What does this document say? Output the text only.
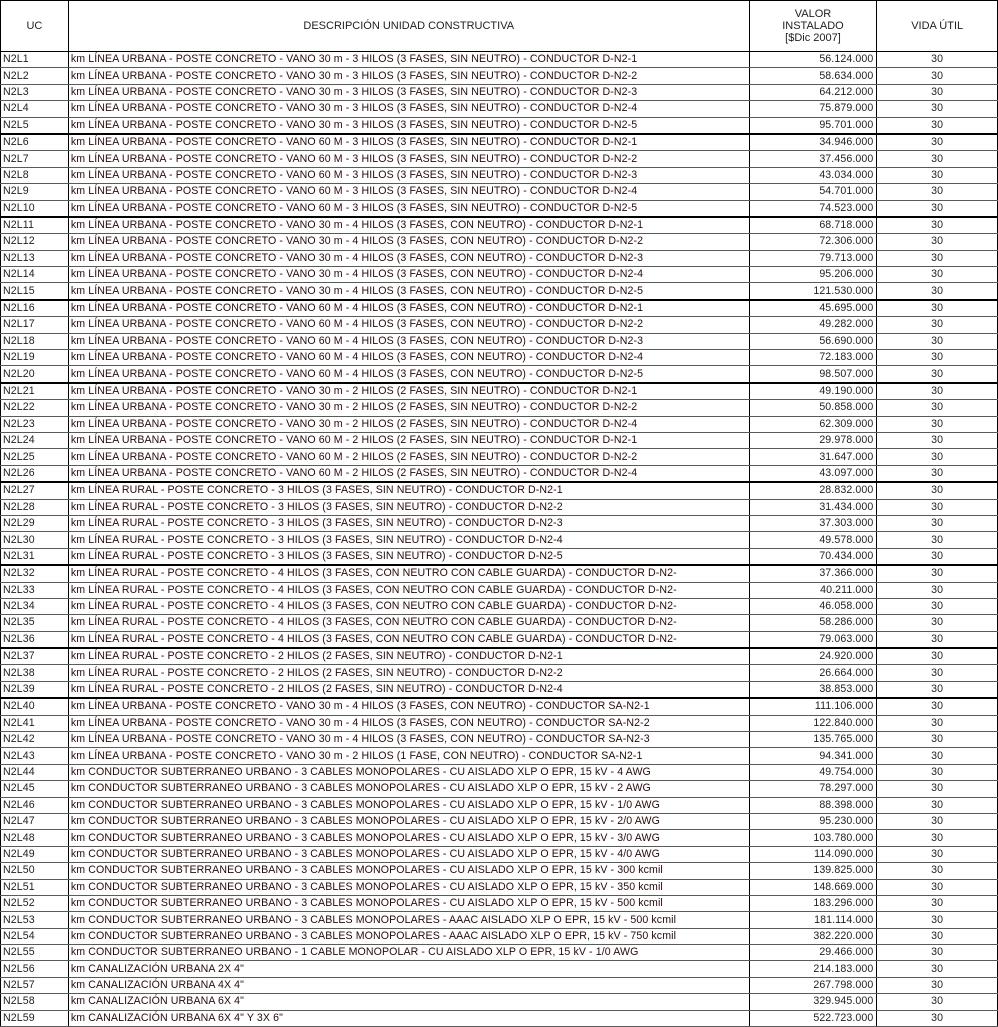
UC	DESCRIPCIÓN UNIDAD CONSTRUCTIVA	VALOR
INSTALADO
[$Dic 2007]	VIDA ÚTIL
N2L1	km LÍNEA URBANA - POSTE CONCRETO - VANO 30 m - 3 HILOS (3 FASES, SIN NEUTRO) - CONDUCTOR D-N2-1	56.124.000	30
N2L2	km LÍNEA URBANA - POSTE CONCRETO - VANO 30 m - 3 HILOS (3 FASES, SIN NEUTRO) - CONDUCTOR D-N2-2	58.634.000	30
N2L3	km LÍNEA URBANA - POSTE CONCRETO - VANO 30 m - 3 HILOS (3 FASES, SIN NEUTRO) - CONDUCTOR D-N2-3	64.212.000	30
N2L4	km LÍNEA URBANA - POSTE CONCRETO - VANO 30 m - 3 HILOS (3 FASES, SIN NEUTRO) - CONDUCTOR D-N2-4	75.879.000	30
N2L5	km LÍNEA URBANA - POSTE CONCRETO - VANO 30 m - 3 HILOS (3 FASES, SIN NEUTRO) - CONDUCTOR D-N2-5	95.701.000	30
N2L6	km LÍNEA URBANA - POSTE CONCRETO - VANO 60 M - 3 HILOS (3 FASES, SIN NEUTRO) - CONDUCTOR D-N2-1	34.946.000	30
N2L7	km LÍNEA URBANA - POSTE CONCRETO - VANO 60 M - 3 HILOS (3 FASES, SIN NEUTRO) - CONDUCTOR D-N2-2	37.456.000	30
N2L8	km LÍNEA URBANA - POSTE CONCRETO - VANO 60 M - 3 HILOS (3 FASES, SIN NEUTRO) - CONDUCTOR D-N2-3	43.034.000	30
N2L9	km LÍNEA URBANA - POSTE CONCRETO - VANO 60 M - 3 HILOS (3 FASES, SIN NEUTRO) - CONDUCTOR D-N2-4	54.701.000	30
N2L10	km LÍNEA URBANA - POSTE CONCRETO - VANO 60 M - 3 HILOS (3 FASES, SIN NEUTRO) - CONDUCTOR D-N2-5	74.523.000	30
N2L11	km LÍNEA URBANA - POSTE CONCRETO - VANO 30 m - 4 HILOS (3 FASES, CON NEUTRO) - CONDUCTOR D-N2-1	68.718.000	30
N2L12	km LÍNEA URBANA - POSTE CONCRETO - VANO 30 m - 4 HILOS (3 FASES, CON NEUTRO) - CONDUCTOR D-N2-2	72.306.000	30
N2L13	km LÍNEA URBANA - POSTE CONCRETO - VANO 30 m - 4 HILOS (3 FASES, CON NEUTRO) - CONDUCTOR D-N2-3	79.713.000	30
N2L14	km LÍNEA URBANA - POSTE CONCRETO - VANO 30 m - 4 HILOS (3 FASES, CON NEUTRO) - CONDUCTOR D-N2-4	95.206.000	30
N2L15	km LÍNEA URBANA - POSTE CONCRETO - VANO 30 m - 4 HILOS (3 FASES, CON NEUTRO) - CONDUCTOR D-N2-5	121.530.000	30
N2L16	km LÍNEA URBANA - POSTE CONCRETO - VANO 60 M - 4 HILOS (3 FASES, CON NEUTRO) - CONDUCTOR D-N2-1	45.695.000	30
N2L17	km LÍNEA URBANA - POSTE CONCRETO - VANO 60 M - 4 HILOS (3 FASES, CON NEUTRO) - CONDUCTOR D-N2-2	49.282.000	30
N2L18	km LÍNEA URBANA - POSTE CONCRETO - VANO 60 M - 4 HILOS (3 FASES, CON NEUTRO) - CONDUCTOR D-N2-3	56.690.000	30
N2L19	km LÍNEA URBANA - POSTE CONCRETO - VANO 60 M - 4 HILOS (3 FASES, CON NEUTRO) - CONDUCTOR D-N2-4	72.183.000	30
N2L20	km LÍNEA URBANA - POSTE CONCRETO - VANO 60 M - 4 HILOS (3 FASES, CON NEUTRO) - CONDUCTOR D-N2-5	98.507.000	30
N2L21	km LÍNEA URBANA - POSTE CONCRETO - VANO 30 m - 2 HILOS (2 FASES, SIN NEUTRO) - CONDUCTOR D-N2-1	49.190.000	30
N2L22	km LÍNEA URBANA - POSTE CONCRETO - VANO 30 m - 2 HILOS (2 FASES, SIN NEUTRO) - CONDUCTOR D-N2-2	50.858.000	30
N2L23	km LÍNEA URBANA - POSTE CONCRETO - VANO 30 m - 2 HILOS (2 FASES, SIN NEUTRO) - CONDUCTOR D-N2-4	62.309.000	30
N2L24	km LÍNEA URBANA - POSTE CONCRETO - VANO 60 M - 2 HILOS (2 FASES, SIN NEUTRO) - CONDUCTOR D-N2-1	29.978.000	30
N2L25	km LÍNEA URBANA - POSTE CONCRETO - VANO 60 M - 2 HILOS (2 FASES, SIN NEUTRO) - CONDUCTOR D-N2-2	31.647.000	30
N2L26	km LÍNEA URBANA - POSTE CONCRETO - VANO 60 M - 2 HILOS (2 FASES, SIN NEUTRO) - CONDUCTOR D-N2-4	43.097.000	30
N2L27	km LÍNEA RURAL - POSTE CONCRETO - 3 HILOS (3 FASES, SIN NEUTRO) - CONDUCTOR D-N2-1	28.832.000	30
N2L28	km LÍNEA RURAL - POSTE CONCRETO - 3 HILOS (3 FASES, SIN NEUTRO) - CONDUCTOR D-N2-2	31.434.000	30
N2L29	km LÍNEA RURAL - POSTE CONCRETO - 3 HILOS (3 FASES, SIN NEUTRO) - CONDUCTOR D-N2-3	37.303.000	30
N2L30	km LÍNEA RURAL - POSTE CONCRETO - 3 HILOS (3 FASES, SIN NEUTRO) - CONDUCTOR D-N2-4	49.578.000	30
N2L31	km LÍNEA RURAL - POSTE CONCRETO - 3 HILOS (3 FASES, SIN NEUTRO) - CONDUCTOR D-N2-5	70.434.000	30
N2L32	km LÍNEA RURAL - POSTE CONCRETO - 4 HILOS (3 FASES, CON NEUTRO CON CABLE GUARDA) - CONDUCTOR D-N2-	37.366.000	30
N2L33	km LÍNEA RURAL - POSTE CONCRETO - 4 HILOS (3 FASES, CON NEUTRO CON CABLE GUARDA) - CONDUCTOR D-N2-	40.211.000	30
N2L34	km LÍNEA RURAL - POSTE CONCRETO - 4 HILOS (3 FASES, CON NEUTRO CON CABLE GUARDA) - CONDUCTOR D-N2-	46.058.000	30
N2L35	km LÍNEA RURAL - POSTE CONCRETO - 4 HILOS (3 FASES, CON NEUTRO CON CABLE GUARDA) - CONDUCTOR D-N2-	58.286.000	30
N2L36	km LÍNEA RURAL - POSTE CONCRETO - 4 HILOS (3 FASES, CON NEUTRO CON CABLE GUARDA) - CONDUCTOR D-N2-	79.063.000	30
N2L37	km LÍNEA RURAL - POSTE CONCRETO - 2 HILOS (2 FASES, SIN NEUTRO) - CONDUCTOR D-N2-1	24.920.000	30
N2L38	km LÍNEA RURAL - POSTE CONCRETO - 2 HILOS (2 FASES, SIN NEUTRO) - CONDUCTOR D-N2-2	26.664.000	30
N2L39	km LÍNEA RURAL - POSTE CONCRETO - 2 HILOS (2 FASES, SIN NEUTRO) - CONDUCTOR D-N2-4	38.853.000	30
N2L40	km LÍNEA URBANA - POSTE CONCRETO - VANO 30 m - 4 HILOS (3 FASES, CON NEUTRO) - CONDUCTOR SA-N2-1	111.106.000	30
N2L41	km LÍNEA URBANA - POSTE CONCRETO - VANO 30 m - 4 HILOS (3 FASES, CON NEUTRO) - CONDUCTOR SA-N2-2	122.840.000	30
N2L42	km LÍNEA URBANA - POSTE CONCRETO - VANO 30 m - 4 HILOS (3 FASES, CON NEUTRO) - CONDUCTOR SA-N2-3	135.765.000	30
N2L43	km LÍNEA URBANA - POSTE CONCRETO - VANO 30 m - 2 HILOS (1 FASE, CON NEUTRO) - CONDUCTOR SA-N2-1	94.341.000	30
N2L44	km CONDUCTOR SUBTERRANEO URBANO - 3 CABLES MONOPOLARES - CU AISLADO XLP O EPR, 15 kV - 4 AWG	49.754.000	30
N2L45	km CONDUCTOR SUBTERRANEO URBANO - 3 CABLES MONOPOLARES - CU AISLADO XLP O EPR, 15 kV - 2 AWG	78.297.000	30
N2L46	km CONDUCTOR SUBTERRANEO URBANO - 3 CABLES MONOPOLARES - CU AISLADO XLP O EPR, 15 kV - 1/0 AWG	88.398.000	30
N2L47	km CONDUCTOR SUBTERRANEO URBANO - 3 CABLES MONOPOLARES - CU AISLADO XLP O EPR, 15 kV - 2/0 AWG	95.230.000	30
N2L48	km CONDUCTOR SUBTERRANEO URBANO - 3 CABLES MONOPOLARES - CU AISLADO XLP O EPR, 15 kV - 3/0 AWG	103.780.000	30
N2L49	km CONDUCTOR SUBTERRANEO URBANO - 3 CABLES MONOPOLARES - CU AISLADO XLP O EPR, 15 kV - 4/0 AWG	114.090.000	30
N2L50	km CONDUCTOR SUBTERRANEO URBANO - 3 CABLES MONOPOLARES - CU AISLADO XLP O EPR, 15 kV - 300 kcmil	139.825.000	30
N2L51	km CONDUCTOR SUBTERRANEO URBANO - 3 CABLES MONOPOLARES - CU AISLADO XLP O EPR, 15 kV - 350 kcmil	148.669.000	30
N2L52	km CONDUCTOR SUBTERRANEO URBANO - 3 CABLES MONOPOLARES - CU AISLADO XLP O EPR, 15 kV - 500 kcmil	183.296.000	30
N2L53	km CONDUCTOR SUBTERRANEO URBANO - 3 CABLES MONOPOLARES - AAAC AISLADO XLP O EPR, 15 kV - 500 kcmil	181.114.000	30
N2L54	km CONDUCTOR SUBTERRANEO URBANO - 3 CABLES MONOPOLARES - AAAC AISLADO XLP O EPR, 15 kV - 750 kcmil	382.220.000	30
N2L55	km CONDUCTOR SUBTERRANEO URBANO - 1 CABLE MONOPOLAR - CU AISLADO XLP O EPR, 15 kV - 1/0 AWG	29.466.000	30
N2L56	km CANALIZACIÓN URBANA 2X 4"	214.183.000	30
N2L57	km CANALIZACIÓN URBANA 4X 4"	267.798.000	30
N2L58	km CANALIZACIÓN URBANA 6X 4"	329.945.000	30
N2L59	km CANALIZACIÓN URBANA 6X 4" Y 3X 6"	522.723.000	30
